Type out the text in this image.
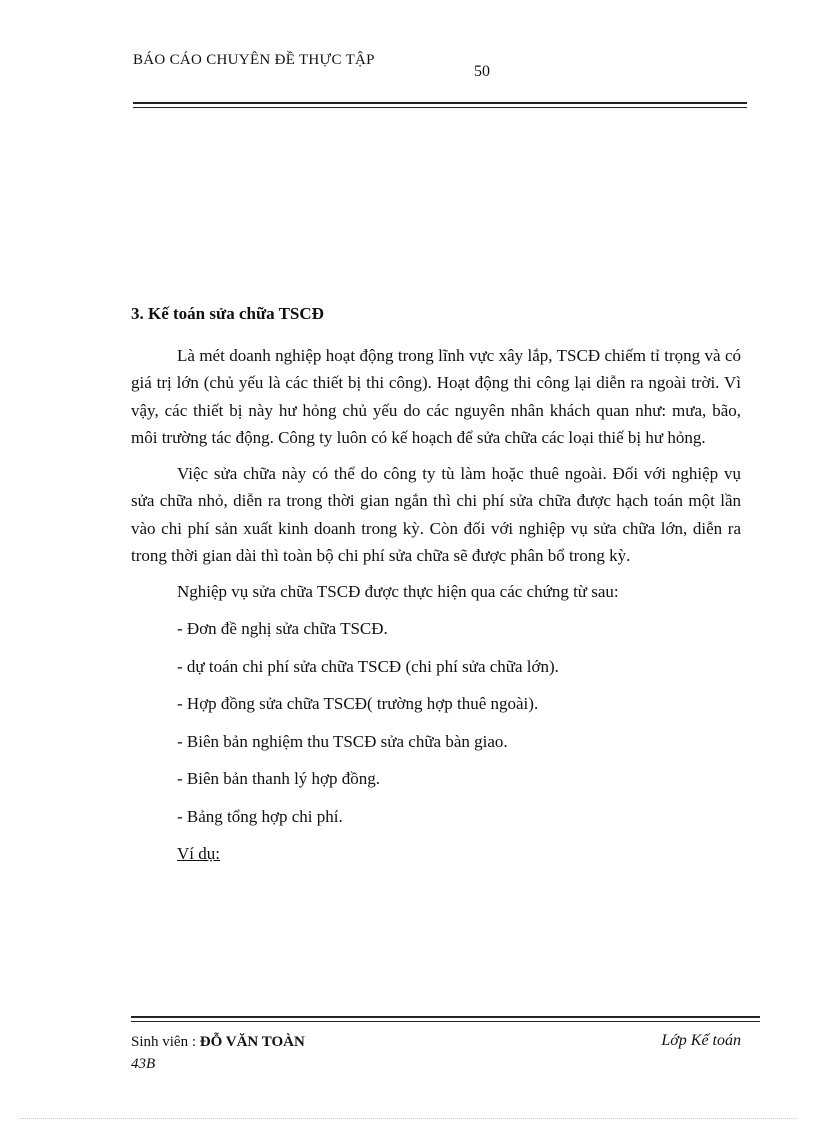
BÁO CÁO CHUYÊN ĐỀ THỰC TẬP
50

3. Kế toán sửa chữa TSCĐ

Là mét doanh nghiệp hoạt động trong lĩnh vực xây lắp, TSCĐ chiếm tỉ trọng và có giá trị lớn (chủ yếu là các thiết bị thi công). Hoạt động thi công lại diễn ra ngoài trời. Vì vậy, các thiết bị này hư hỏng chủ yếu do các nguyên nhân khách quan như: mưa, bão, môi trường tác động. Công ty luôn có kế hoạch để sửa chữa các loại thiế bị hư hỏng.

Việc sửa chữa này có thể do công ty tù làm hoặc thuê ngoài. Đối với nghiệp vụ sửa chữa nhỏ, diễn ra trong thời gian ngắn thì chi phí sửa chữa được hạch toán một lần vào chi phí sản xuất kinh doanh trong kỳ. Còn đối với nghiệp vụ sửa chữa lớn, diễn ra trong thời gian dài thì toàn bộ chi phí sửa chữa sẽ được phân bổ trong kỳ.

Nghiệp vụ sửa chữa TSCĐ được thực hiện qua các chứng từ sau:

- Đơn đề nghị sửa chữa TSCĐ.
- dự toán chi phí sửa chữa TSCĐ (chi phí sửa chữa lớn).
- Hợp đồng sửa chữa TSCĐ( trường hợp thuê ngoài).
- Biên bản nghiệm thu TSCĐ sửa chữa bàn giao.
- Biên bản thanh lý hợp đồng.
- Bảng tổng hợp chi phí.
Ví dụ:
Sinh viên : ĐỖ VĂN TOÀN
43B
Lớp Kế toán
